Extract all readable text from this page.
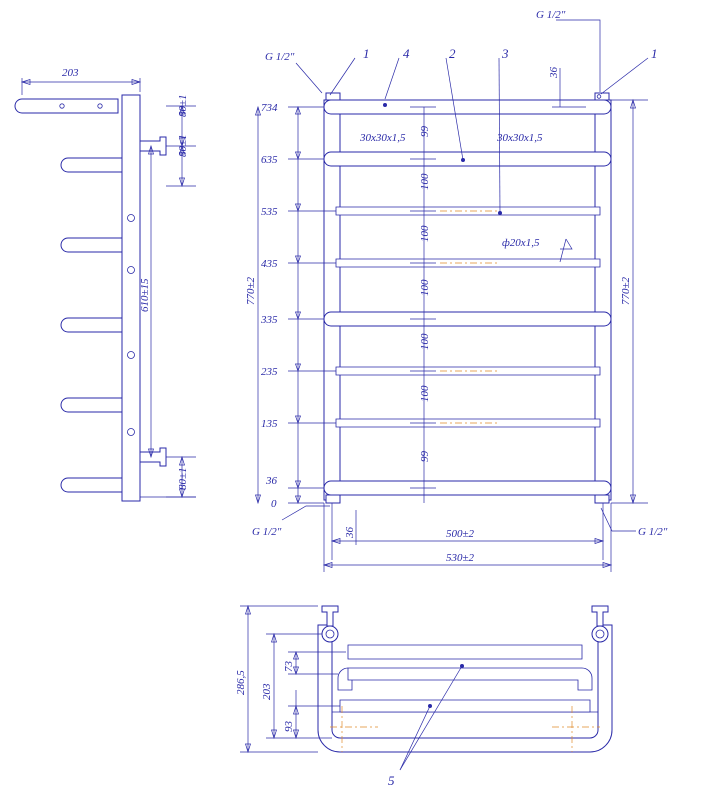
203
80±1
80±1
610±15
80±1
G 1/2"
G 1/2"
G 1/2"	G 1/2"
1	4	2	3	1
30x30x1,5	30x30x1,5
ф20x1,5
734
635
535
435
335
235
135
36
0
99
100
100
100
100
100
99
770±2	770±2
36
36	500±2
530±2
286,5 203
73
93
5
